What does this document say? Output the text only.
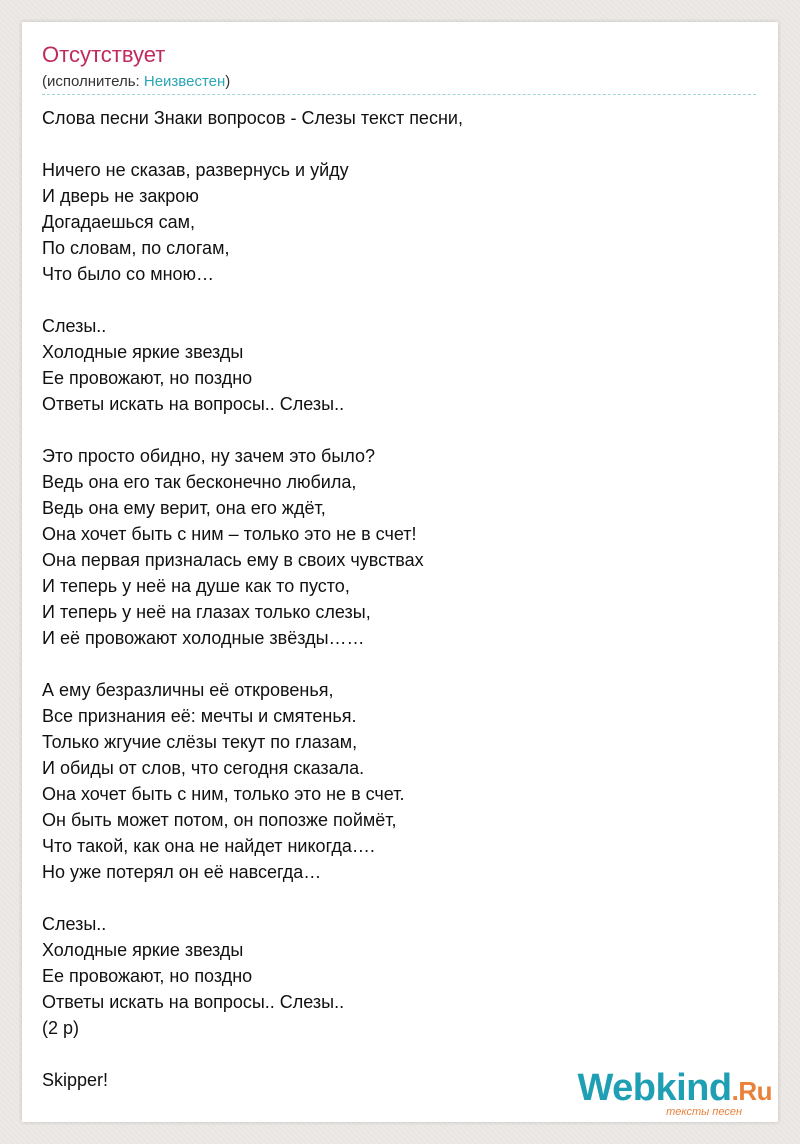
Отсутствует
(исполнитель: Неизвестен)
Слова песни Знаки вопросов - Слезы текст песни,
Ничего не сказав, развернусь и уйду
И дверь не закрою
Догадаешься сам,
По словам, по слогам,
Что было со мною…
Слезы..
Холодные яркие звезды
Ее провожают, но поздно
Ответы искать на вопросы.. Слезы..
Это просто обидно, ну зачем это было?
Ведь она его так бесконечно любила,
Ведь она ему верит, она его ждёт,
Она хочет быть с ним – только это не в счет!
Она первая призналась ему в своих чувствах
И теперь у неё на душе как то пусто,
И теперь у неё на глазах только слезы,
И её провожают холодные звёзды……
А ему безразличны её откровенья,
Все признания её: мечты и смятенья.
Только жгучие слёзы текут по глазам,
И обиды от слов, что сегодня сказала.
Она хочет быть с ним, только это не в счет.
Он быть может потом, он попозже поймёт,
Что такой, как она не найдет никогда….
Но уже потерял он её навсегда…
Слезы..
Холодные яркие звезды
Ее провожают, но поздно
Ответы искать на вопросы.. Слезы..
(2 р)
Skipper!	Webkind.Ru
тексты песен
